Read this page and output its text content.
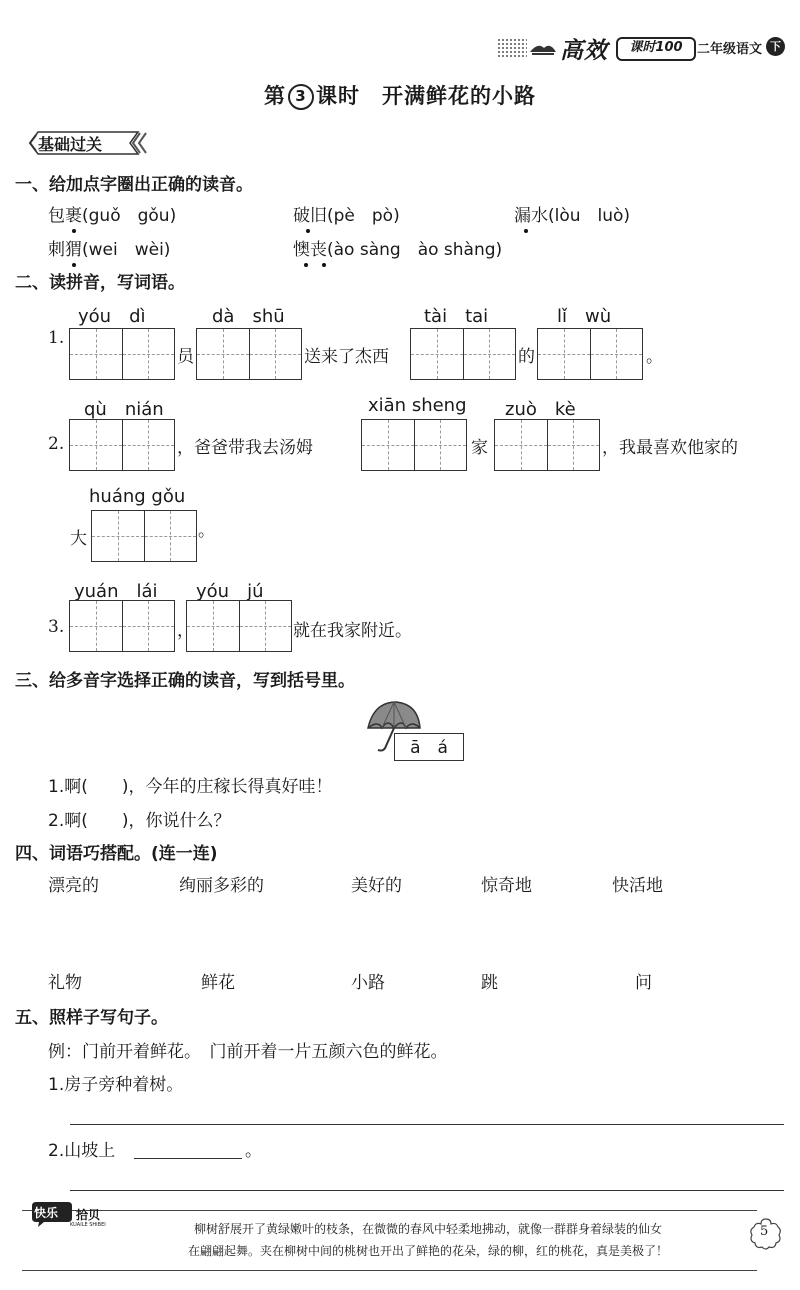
高效	课时100	二年级语文 下
第 3 课时　 开满鲜花的小路
基础过关
一、给加点字圈出正确的读音。
包裹(guǒ　gǒu)	破旧(pè　pò)	漏水(lòu　luò)
刺猬(wei　wèi)	懊丧(ào sàng　ào shàng)
二、读拼音，写词语。
yóu　dì	dà　shū	tài　tai	lǐ　wù
1.
员	送来了杰西	的	。
qù　nián	xiān sheng zuò　kè
2.	，爸爸带我去汤姆	家	，我最喜欢他家的
huáng gǒu
大	。
yuán　lái yóu　jú
3.	，	就在我家附近。
三、给多音字选择正确的读音，写到括号里。
ā　á
1.啊(　　)，今年的庄稼长得真好哇！
2.啊(　　)，你说什么？
四、词语巧搭配。(连一连)
漂亮的	绚丽多彩的	美好的	惊奇地	快活地
礼物	鲜花	小路	跳	问
五、照样子写句子。
例：门前开着鲜花。　门前开着一片五颜六色的鲜花。
1.房子旁种着树。
2.山坡上	。
快乐 拾贝
KUAILE SHIBEI	柳树舒展开了黄绿嫩叶的枝条，在微微的春风中轻柔地拂动，就像一群群身着绿装的仙女
在翩翩起舞。夹在柳树中间的桃树也开出了鲜艳的花朵，绿的柳，红的桃花，真是美极了！
5
